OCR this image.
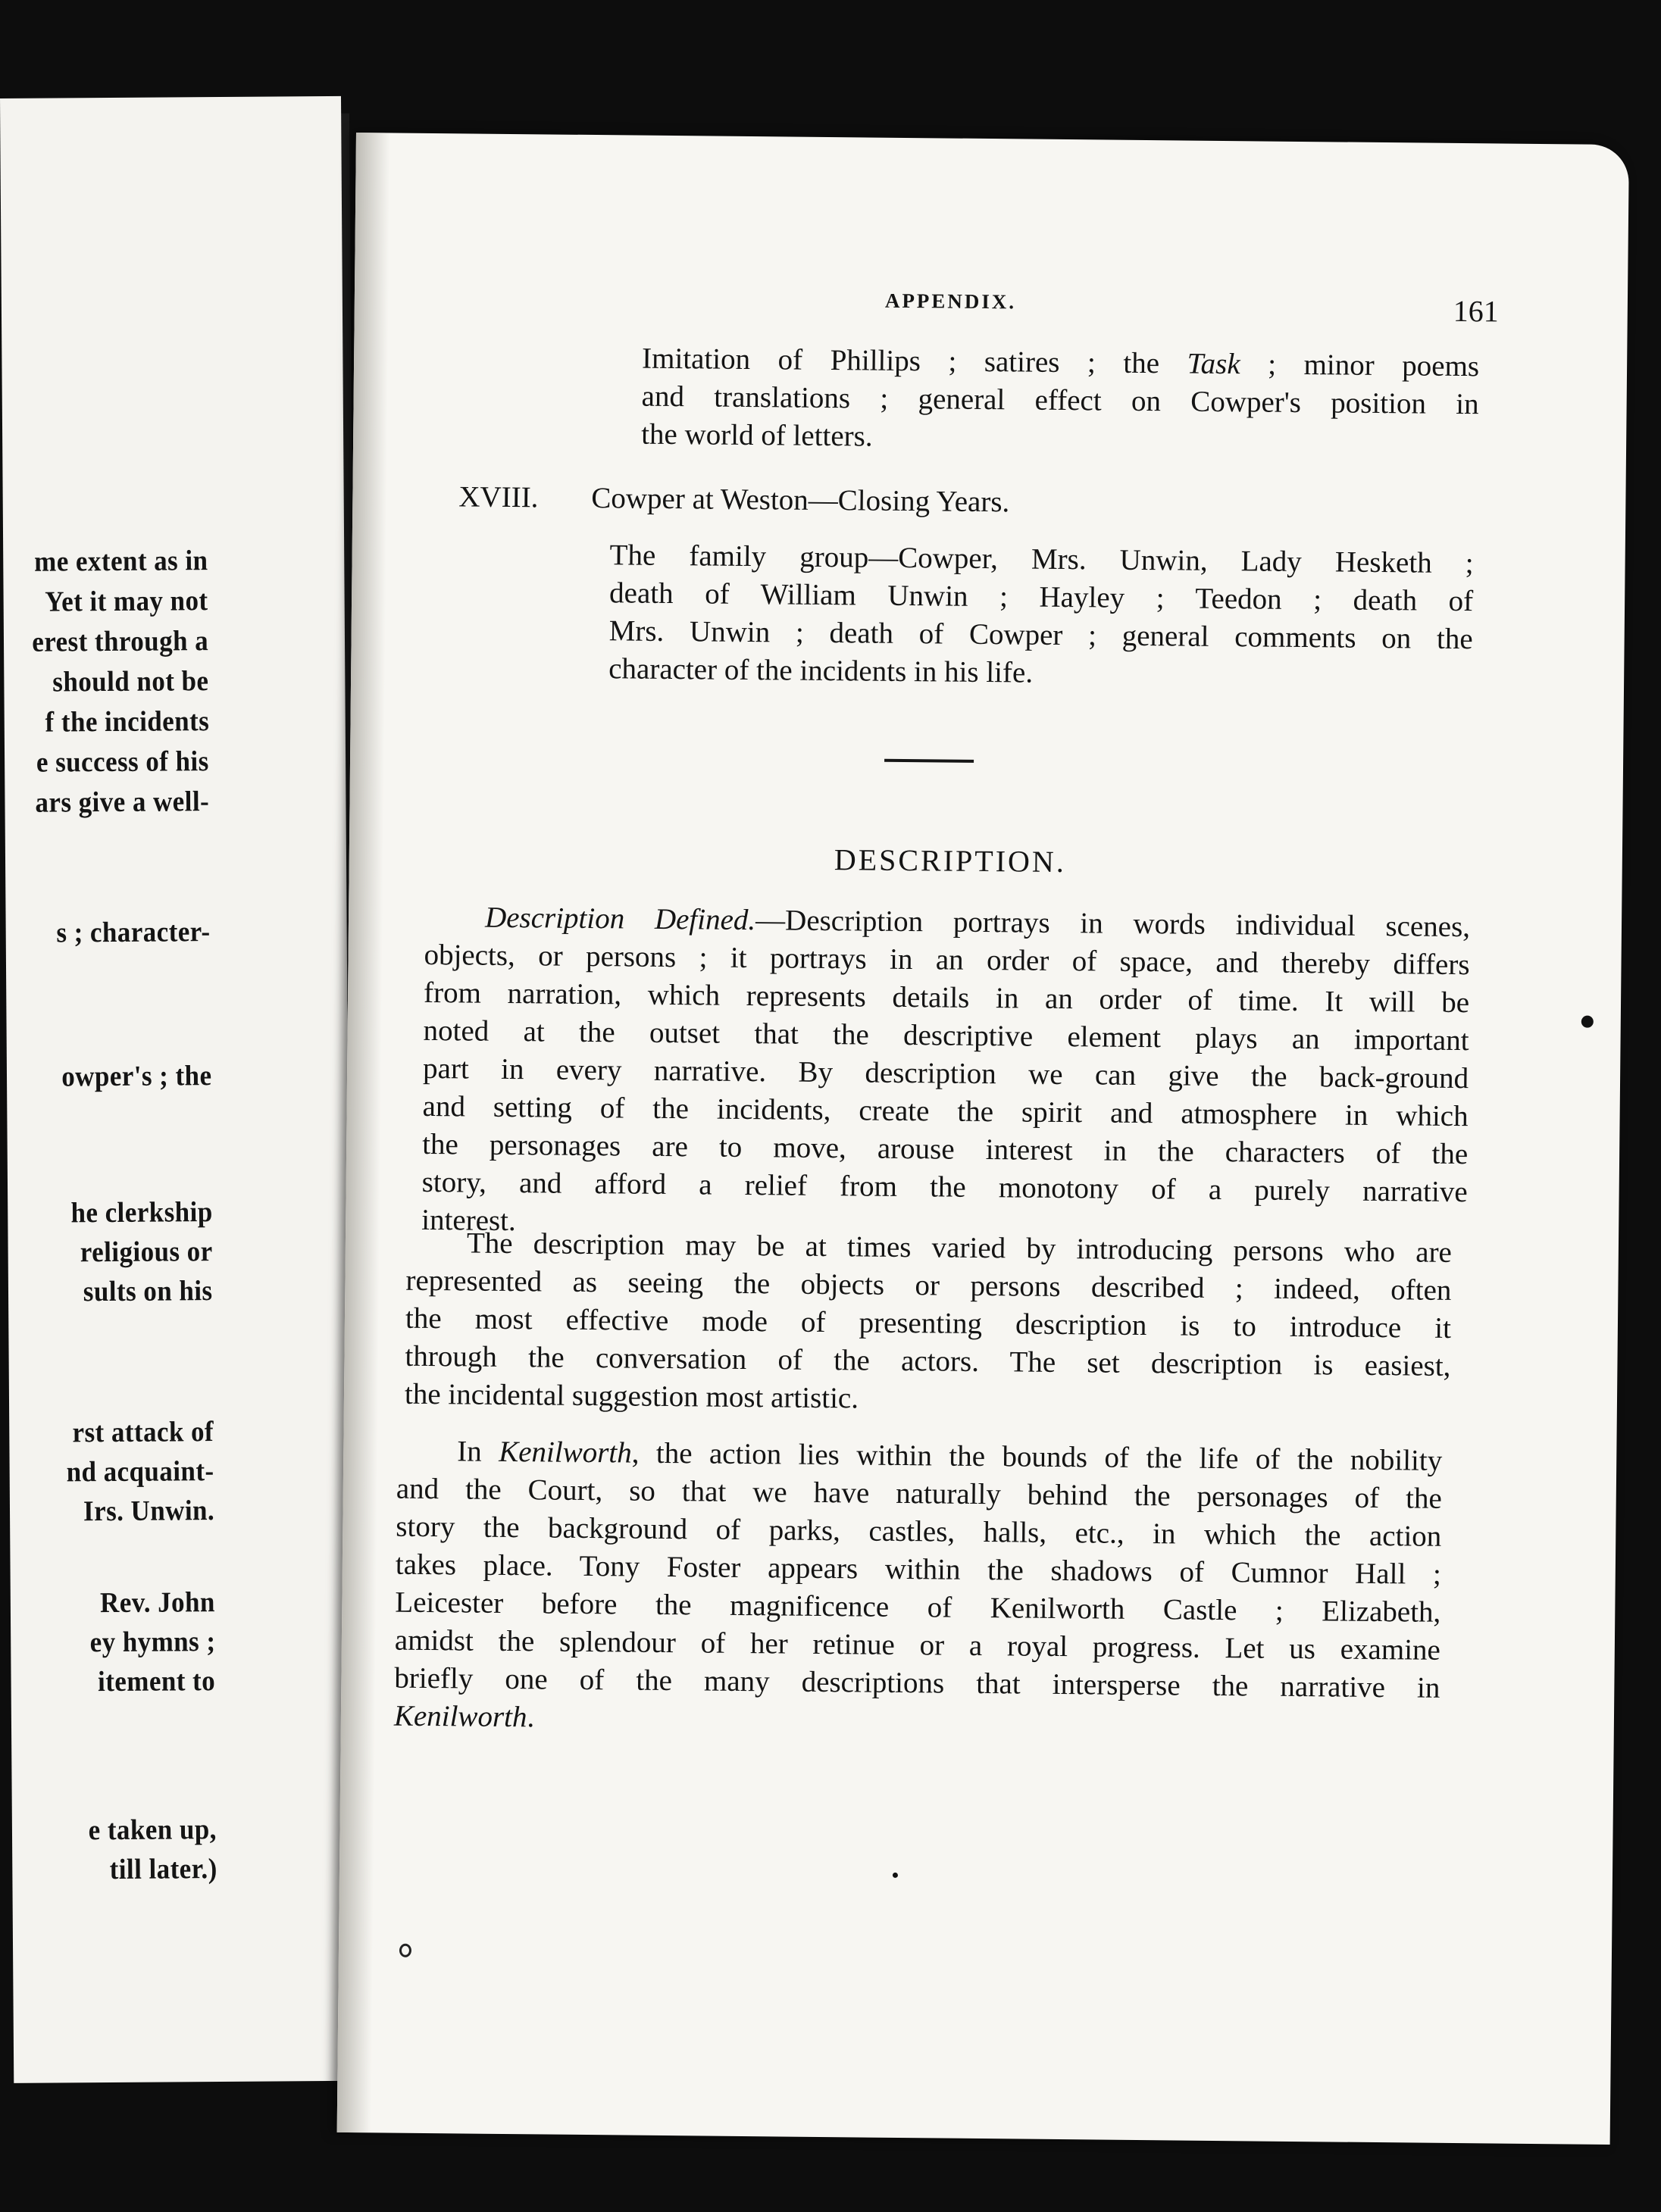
me extent as in
Yet it may not
erest through a
should not be
f the incidents
e success of his
ars give a well-
s ; character-
owper's ; the
he clerkship
religious or
sults on his
rst attack of
nd acquaint-
Irs. Unwin.
Rev. John
ey hymns ;
itement to
e taken up,
till later.)
APPENDIX.	161
Imitation of Phillips ; satires ; the Task ; minor poems
and translations ; general effect on Cowper's position in
the world of letters.
XVIII. Cowper at Weston—Closing Years.
The family group—Cowper, Mrs. Unwin, Lady Hesketh ;
death of William Unwin ; Hayley ; Teedon ; death of
Mrs. Unwin ; death of Cowper ; general comments on the
character of the incidents in his life.
DESCRIPTION.
Description Defined.—Description portrays in words individual scenes,
objects, or persons ; it portrays in an order of space, and thereby differs
from narration, which represents details in an order of time. It will be
noted at the outset that the descriptive element plays an important
part in every narrative. By description we can give the back-ground
and setting of the incidents, create the spirit and atmosphere in which
the personages are to move, arouse interest in the characters of the
story, and afford a relief from the monotony of a purely narrative
interest.
The description may be at times varied by introducing persons who are
represented as seeing the objects or persons described ; indeed, often
the most effective mode of presenting description is to introduce it
through the conversation of the actors. The set description is easiest,
the incidental suggestion most artistic.
In Kenilworth, the action lies within the bounds of the life of the nobility
and the Court, so that we have naturally behind the personages of the
story the background of parks, castles, halls, etc., in which the action
takes place. Tony Foster appears within the shadows of Cumnor Hall ;
Leicester before the magnificence of Kenilworth Castle ; Elizabeth,
amidst the splendour of her retinue or a royal progress. Let us examine
briefly one of the many descriptions that intersperse the narrative in
Kenilworth.
